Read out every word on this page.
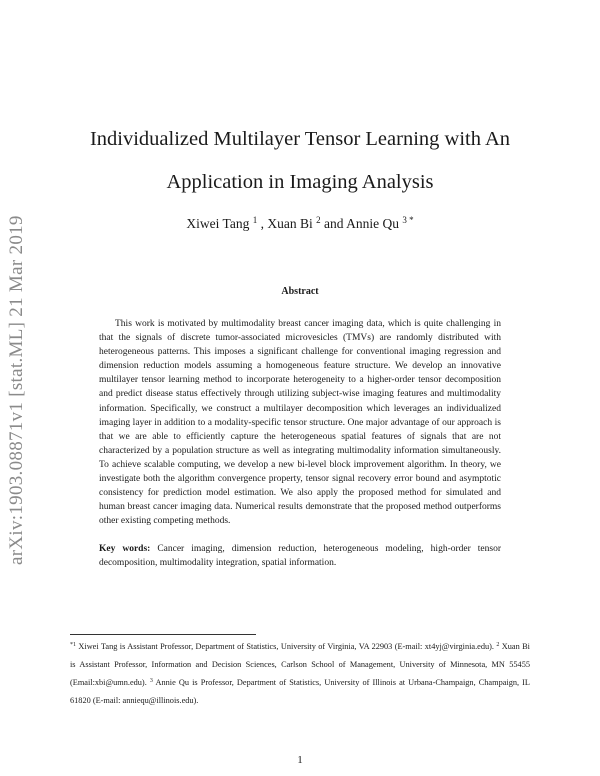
arXiv:1903.08871v1 [stat.ML] 21 Mar 2019
Individualized Multilayer Tensor Learning with An
Application in Imaging Analysis
Xiwei Tang $^1$ , Xuan Bi $^2$ and Annie Qu $^{3 *}$
Abstract

This work is motivated by multimodality breast cancer imaging data, which is quite challenging in that the signals of discrete tumor-associated microvesicles (TMVs) are randomly distributed with heterogeneous patterns. This imposes a significant challenge for conventional imaging regression and dimension reduction models assuming a homogeneous feature structure. We develop an innovative multilayer tensor learning method to incorporate heterogeneity to a higher-order tensor decomposition and predict disease status effectively through utilizing subject-wise imaging features and multimodality information. Specifically, we construct a multilayer decomposition which leverages an individualized imaging layer in addition to a modality-specific tensor structure. One major advantage of our approach is that we are able to efficiently capture the heterogeneous spatial features of signals that are not characterized by a population structure as well as integrating multimodality information simultaneously. To achieve scalable computing, we develop a new bi-level block improvement algorithm. In theory, we investigate both the algorithm convergence property, tensor signal recovery error bound and asymptotic consistency for prediction model estimation. We also apply the proposed method for simulated and human breast cancer imaging data. Numerical results demonstrate that the proposed method outperforms other existing competing methods.

Key words: Cancer imaging, dimension reduction, heterogeneous modeling, high-order tensor decomposition, multimodality integration, spatial information.

$^{*1}$ Xiwei Tang is Assistant Professor, Department of Statistics, University of Virginia, VA 22903 (E-mail: xt4yj@virginia.edu). $^2$ Xuan Bi is Assistant Professor, Information and Decision Sciences, Carlson School of Management, University of Minnesota, MN 55455 (Email:xbi@umn.edu). $^3$ Annie Qu is Professor, Department of Statistics, University of Illinois at Urbana-Champaign, Champaign, IL 61820 (E-mail: anniequ@illinois.edu).

1
